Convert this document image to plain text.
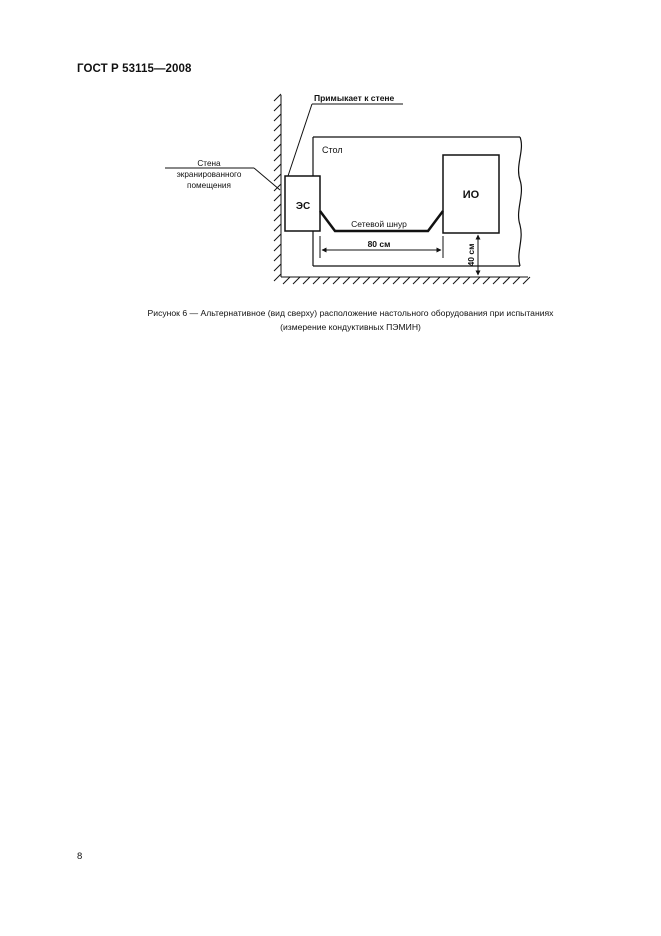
ГОСТ Р 53115—2008
Примыкает к стене
Стена
экранированного
помещения
Стол
ЭС
ИО
Сетевой шнур
80 см	40 см
Рисунок 6 — Альтернативное (вид сверху) расположение настольного оборудования при испытаниях
(измерение кондуктивных ПЭМИН)
8
